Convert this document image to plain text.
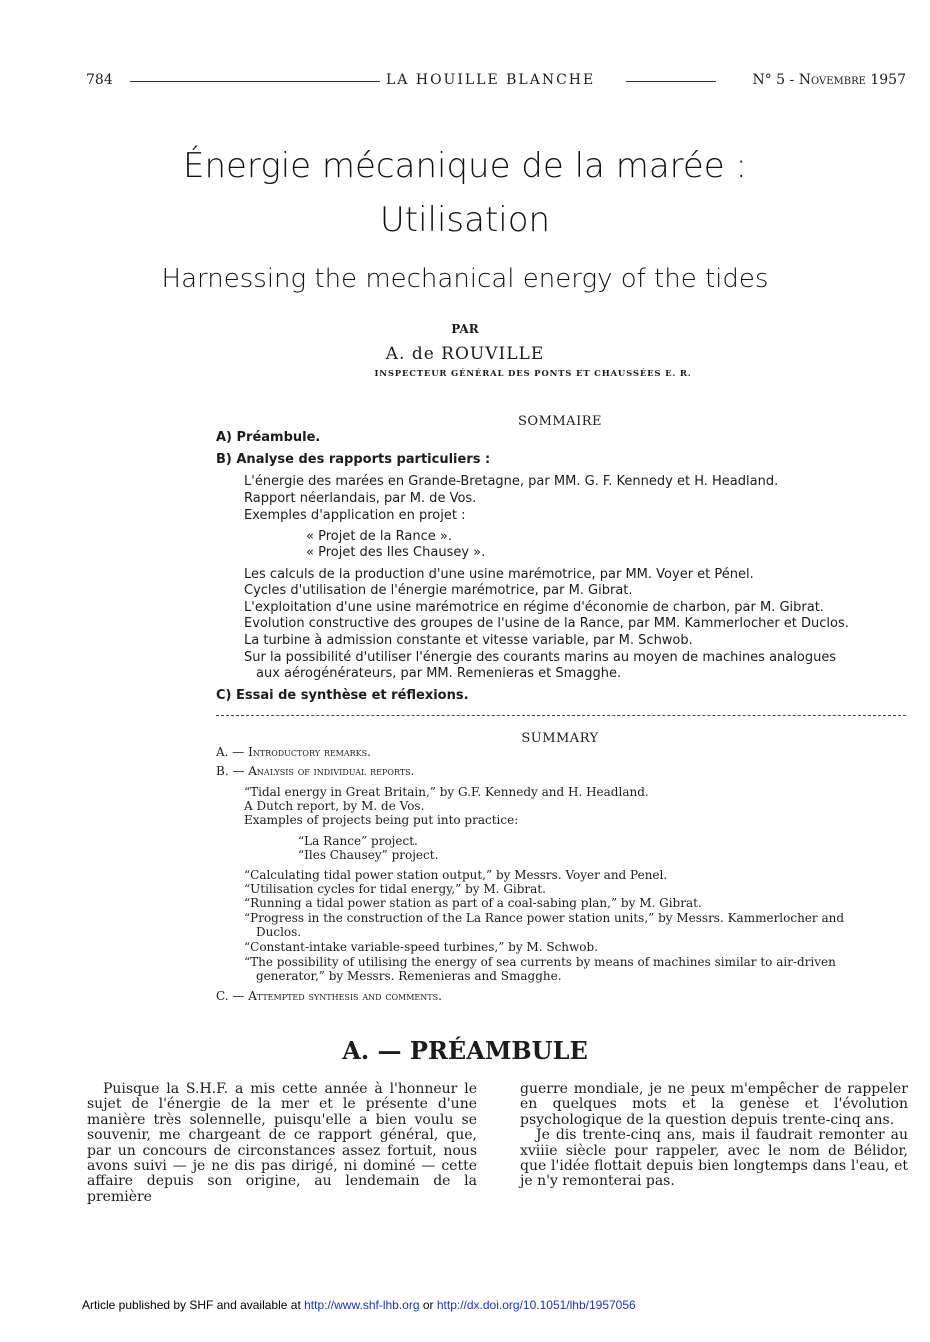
784	LA HOUILLE BLANCHE	N° 5 - Novembre 1957
Énergie mécanique de la marée :
Utilisation
Harnessing the mechanical energy of the tides
PAR
A. de ROUVILLE
INSPECTEUR GÉNÉRAL DES PONTS ET CHAUSSÉES E. R.
SOMMAIRE
A) Préambule.
B) Analyse des rapports particuliers :
L'énergie des marées en Grande-Bretagne, par MM. G. F. Kennedy et H. Headland.
Rapport néerlandais, par M. de Vos.
Exemples d'application en projet :
« Projet de la Rance ».
« Projet des Iles Chausey ».
Les calculs de la production d'une usine marémotrice, par MM. Voyer et Pénel.
Cycles d'utilisation de l'énergie marémotrice, par M. Gibrat.
L'exploitation d'une usine marémotrice en régime d'économie de charbon, par M. Gibrat.
Evolution constructive des groupes de l'usine de la Rance, par MM. Kammerlocher et Duclos.
La turbine à admission constante et vitesse variable, par M. Schwob.
Sur la possibilité d'utiliser l'énergie des courants marins au moyen de machines analogues
aux aérogénérateurs, par MM. Remenieras et Smagghe.
C) Essai de synthèse et réflexions.
SUMMARY
A. — Introductory remarks.
B. — Analysis of individual reports.
“Tidal energy in Great Britain,” by G.F. Kennedy and H. Headland.
A Dutch report, by M. de Vos.
Examples of projects being put into practice:
“La Rance” project.
“Iles Chausey” project.
“Calculating tidal power station output,” by Messrs. Voyer and Penel.
“Utilisation cycles for tidal energy,” by M. Gibrat.
“Running a tidal power station as part of a coal-sabing plan,” by M. Gibrat.
“Progress in the construction of the La Rance power station units,” by Messrs. Kammerlocher and
Duclos.
“Constant-intake variable-speed turbines,” by M. Schwob.
“The possibility of utilising the energy of sea currents by means of machines similar to air-driven
generator,” by Messrs. Remenieras and Smagghe.
C. — Attempted synthesis and comments.
A. — PRÉAMBULE

Puisque la S.H.F. a mis cette année à l'honneur le sujet de l'énergie de la mer et le présente d'une manière très solennelle, puisqu'elle a bien voulu se souvenir, me chargeant de ce rapport général, que, par un concours de circonstances assez fortuit, nous avons suivi — je ne dis pas dirigé, ni dominé — cette affaire depuis son origine, au lendemain de la première

guerre mondiale, je ne peux m'empêcher de rappeler en quelques mots et la genèse et l'évolution psychologique de la question depuis trente-cinq ans.

Je dis trente-cinq ans, mais il faudrait remonter au xviiie siècle pour rappeler, avec le nom de Bélidor, que l'idée flottait depuis bien longtemps dans l'eau, et je n'y remonterai pas.

Article published by SHF and available at http://www.shf-lhb.org or http://dx.doi.org/10.1051/lhb/1957056
